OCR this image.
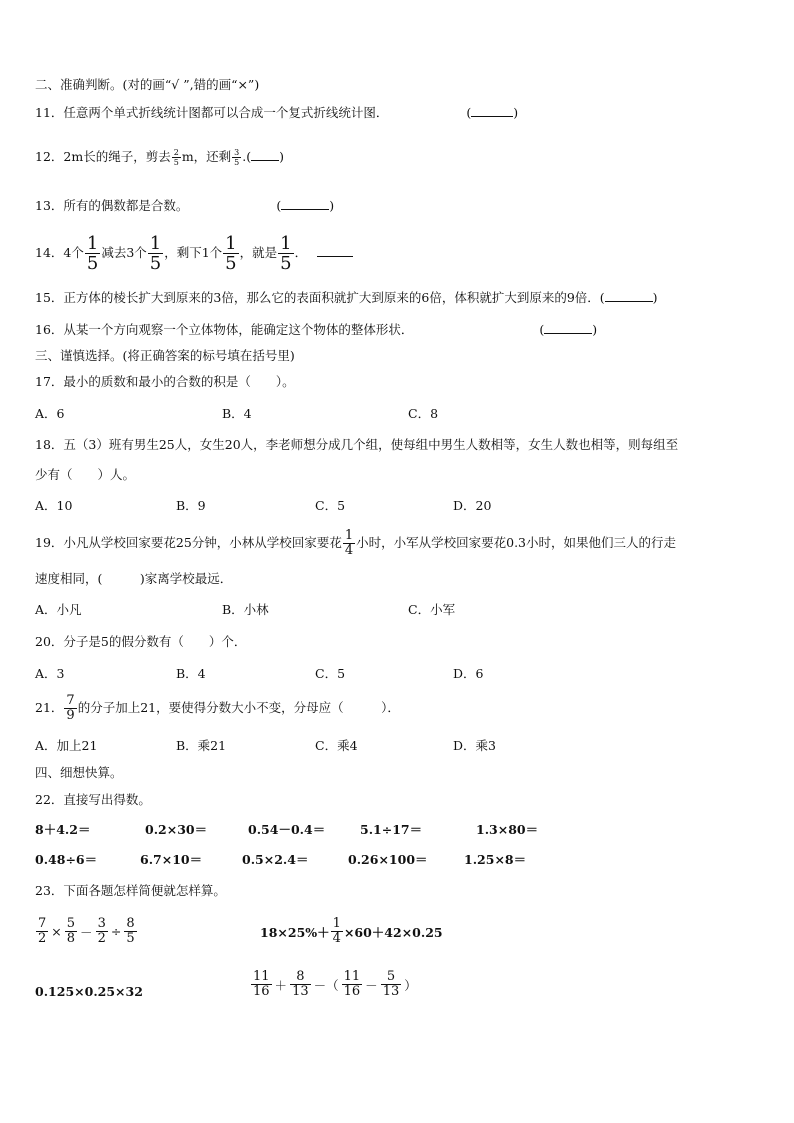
二、准确判断。(对的画“√ ”,错的画“×”)
11．任意两个单式折线统计图都可以合成一个复式折线统计图．	(	)
12．2m长的绳子，剪去 $\frac{2}{5}$ m，还剩 $\frac{3}{5}$ .( )
13．所有的偶数都是合数。	(	)
14．4个 $\frac{1}{5}$ 减去3个 $\frac{1}{5}$ ，剩下1个 $\frac{1}{5}$ ，就是 $\frac{1}{5}$ ．
15．正方体的棱长扩大到原来的3倍，那么它的表面积就扩大到原来的6倍，体积就扩大到原来的9倍．(	)
16．从某一个方向观察一个立体物体，能确定这个物体的整体形状．	(	)
三、谨慎选择。(将正确答案的标号填在括号里)
17．最小的质数和最小的合数的积是（　　）。
A．6	B．4	C．8
18．五（3）班有男生25人，女生20人，李老师想分成几个组，使每组中男生人数相等，女生人数也相等，则每组至
少有（　　）人。
A．10	B．9	C．5	D．20
19．小凡从学校回家要花25分钟，小林从学校回家要花 $\frac{1}{4}$ 小时，小军从学校回家要花0.3小时，如果他们三人的行走
速度相同，(　　　)家离学校最远．
A．小凡	B．小林	C．小军
20．分子是5的假分数有（　　）个．
A．3	B．4	C．5	D．6
21． $\frac{7}{9}$ 的分子加上21，要使得分数大小不变，分母应（　　　）．
A．加上21	B．乘21	C．乘4	D．乘3
四、细想快算。
22．直接写出得数。
8＋4.2＝	0.2×30＝	0.54－0.4＝	5.1÷17＝	1.3×80＝
0.48÷6＝	6.7×10＝	0.5×2.4＝	0.26×100＝	1.25×8＝
23．下面各题怎样简便就怎样算。
$\frac{7}{2} \times \frac{5}{8} - \frac{3}{2} \div \frac{8}{5}$	$18\times 25\%+ \frac{1}{4} \times 60+42\times 0.25$
0.125×0.25×32	$\frac{11}{16} + \frac{8}{13}$ －（ $\frac{11}{16} - \frac{5}{13}$ ）
